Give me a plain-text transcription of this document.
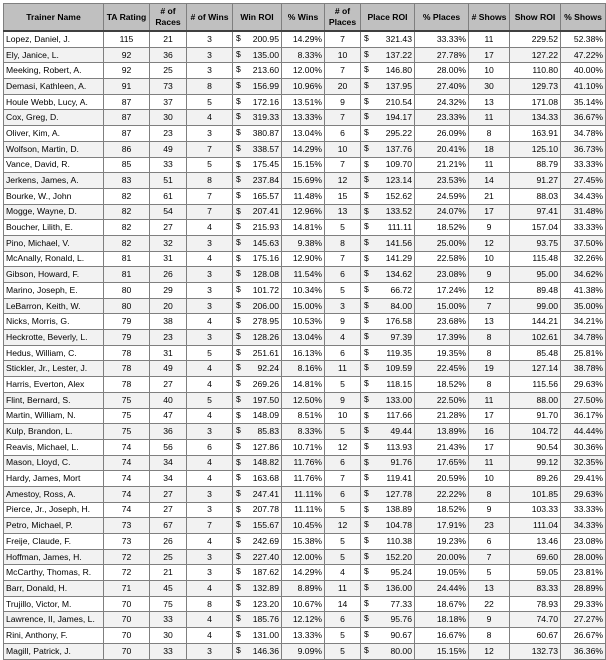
Trainer Name	TA Rating	# of Races	# of Wins	Win ROI	% Wins	# of Places	Place ROI	% Places	# Shows	Show ROI	% Shows
Lopez, Daniel, J.	115	21	3	$ 200.95	14.29%	7	$ 321.43	33.33%	11	229.52	52.38%
Ely, Janice, L.	92	36	3	$ 135.00	8.33%	10	$ 137.22	27.78%	17	127.22	47.22%
Meeking, Robert, A.	92	25	3	$ 213.60	12.00%	7	$ 146.80	28.00%	10	110.80	40.00%
Demasi, Kathleen, A.	91	73	8	$ 156.99	10.96%	20	$ 137.95	27.40%	30	129.73	41.10%
Houle Webb, Lucy, A.	87	37	5	$ 172.16	13.51%	9	$ 210.54	24.32%	13	171.08	35.14%
Cox, Greg, D.	87	30	4	$ 319.33	13.33%	7	$ 194.17	23.33%	11	134.33	36.67%
Oliver, Kim, A.	87	23	3	$ 380.87	13.04%	6	$ 295.22	26.09%	8	163.91	34.78%
Wolfson, Martin, D.	86	49	7	$ 338.57	14.29%	10	$ 137.76	20.41%	18	125.10	36.73%
Vance, David, R.	85	33	5	$ 175.45	15.15%	7	$ 109.70	21.21%	11	88.79	33.33%
Jerkens, James, A.	83	51	8	$ 237.84	15.69%	12	$ 123.14	23.53%	14	91.27	27.45%
Bourke, W., John	82	61	7	$ 165.57	11.48%	15	$ 152.62	24.59%	21	88.03	34.43%
Mogge, Wayne, D.	82	54	7	$ 207.41	12.96%	13	$ 133.52	24.07%	17	97.41	31.48%
Boucher, Lilith, E.	82	27	4	$ 215.93	14.81%	5	$ 111.11	18.52%	9	157.04	33.33%
Pino, Michael, V.	82	32	3	$ 145.63	9.38%	8	$ 141.56	25.00%	12	93.75	37.50%
McAnally, Ronald, L.	81	31	4	$ 175.16	12.90%	7	$ 141.29	22.58%	10	115.48	32.26%
Gibson, Howard, F.	81	26	3	$ 128.08	11.54%	6	$ 134.62	23.08%	9	95.00	34.62%
Marino, Joseph, E.	80	29	3	$ 101.72	10.34%	5	$ 66.72	17.24%	12	89.48	41.38%
LeBarron, Keith, W.	80	20	3	$ 206.00	15.00%	3	$ 84.00	15.00%	7	99.00	35.00%
Nicks, Morris, G.	79	38	4	$ 278.95	10.53%	9	$ 176.58	23.68%	13	144.21	34.21%
Heckrotte, Beverly, L.	79	23	3	$ 128.26	13.04%	4	$ 97.39	17.39%	8	102.61	34.78%
Hedus, William, C.	78	31	5	$ 251.61	16.13%	6	$ 119.35	19.35%	8	85.48	25.81%
Stickler, Jr., Lester, J.	78	49	4	$ 92.24	8.16%	11	$ 109.59	22.45%	19	127.14	38.78%
Harris, Everton, Alex	78	27	4	$ 269.26	14.81%	5	$ 118.15	18.52%	8	115.56	29.63%
Flint, Bernard, S.	75	40	5	$ 197.50	12.50%	9	$ 133.00	22.50%	11	88.00	27.50%
Martin, William, N.	75	47	4	$ 148.09	8.51%	10	$ 117.66	21.28%	17	91.70	36.17%
Kulp, Brandon, L.	75	36	3	$ 85.83	8.33%	5	$ 49.44	13.89%	16	104.72	44.44%
Reavis, Michael, L.	74	56	6	$ 127.86	10.71%	12	$ 113.93	21.43%	17	90.54	30.36%
Mason, Lloyd, C.	74	34	4	$ 148.82	11.76%	6	$ 91.76	17.65%	11	99.12	32.35%
Hardy, James, Mort	74	34	4	$ 163.68	11.76%	7	$ 119.41	20.59%	10	89.26	29.41%
Amestoy, Ross, A.	74	27	3	$ 247.41	11.11%	6	$ 127.78	22.22%	8	101.85	29.63%
Pierce, Jr., Joseph, H.	74	27	3	$ 207.78	11.11%	5	$ 138.89	18.52%	9	103.33	33.33%
Petro, Michael, P.	73	67	7	$ 155.67	10.45%	12	$ 104.78	17.91%	23	111.04	34.33%
Freije, Claude, F.	73	26	4	$ 242.69	15.38%	5	$ 110.38	19.23%	6	13.46	23.08%
Hoffman, James, H.	72	25	3	$ 227.40	12.00%	5	$ 152.20	20.00%	7	69.60	28.00%
McCarthy, Thomas, R.	72	21	3	$ 187.62	14.29%	4	$ 95.24	19.05%	5	59.05	23.81%
Barr, Donald, H.	71	45	4	$ 132.89	8.89%	11	$ 136.00	24.44%	13	83.33	28.89%
Trujillo, Victor, M.	70	75	8	$ 123.20	10.67%	14	$ 77.33	18.67%	22	78.93	29.33%
Lawrence, II, James, L.	70	33	4	$ 185.76	12.12%	6	$ 95.76	18.18%	9	74.70	27.27%
Rini, Anthony, F.	70	30	4	$ 131.00	13.33%	5	$ 90.67	16.67%	8	60.67	26.67%
Magill, Patrick, J.	70	33	3	$ 146.36	9.09%	5	$ 80.00	15.15%	12	132.73	36.36%
